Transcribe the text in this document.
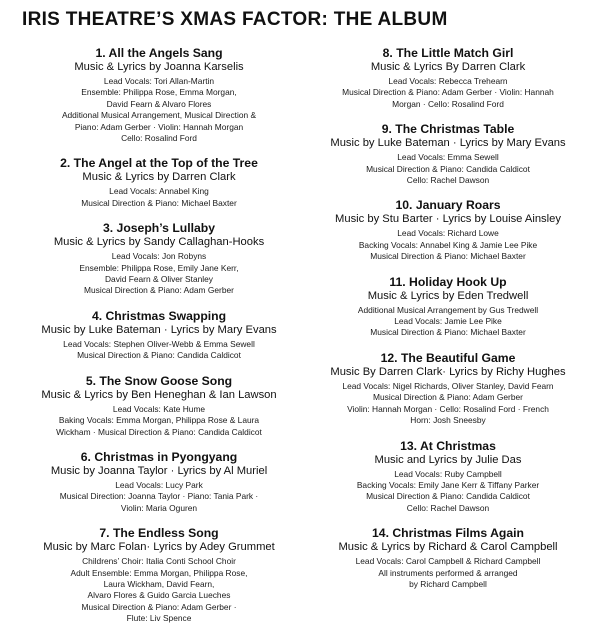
IRIS THEATRE’S XMAS FACTOR: THE ALBUM
1. All the Angels Sang
Music & Lyrics by Joanna Karselis
Lead Vocals: Tori Allan-Martin
Ensemble: Philippa Rose, Emma Morgan,
David Fearn & Alvaro Flores
Additional Musical Arrangement, Musical Direction &
Piano: Adam Gerber · Violin: Hannah Morgan
Cello: Rosalind Ford
2. The Angel at the Top of the Tree
Music & Lyrics by Darren Clark
Lead Vocals: Annabel King
Musical Direction & Piano: Michael Baxter
3. Joseph’s Lullaby
Music & Lyrics by Sandy Callaghan-Hooks
Lead Vocals: Jon Robyns
Ensemble: Philippa Rose, Emily Jane Kerr,
David Fearn & Oliver Stanley
Musical Direction & Piano: Adam Gerber
4. Christmas Swapping
Music by Luke Bateman · Lyrics by Mary Evans
Lead Vocals: Stephen Oliver-Webb & Emma Sewell
Musical Direction & Piano: Candida Caldicot
5. The Snow Goose Song
Music & Lyrics by Ben Heneghan & Ian Lawson
Lead Vocals: Kate Hume
Baking Vocals: Emma Morgan, Philippa Rose & Laura
Wickham · Musical Direction & Piano: Candida Caldicot
6. Christmas in Pyongyang
Music by Joanna Taylor · Lyrics by Al Muriel
Lead Vocals: Lucy Park
Musical Direction: Joanna Taylor · Piano: Tania Park ·
Violin: Maria Oguren
7. The Endless Song
Music by Marc Folan· Lyrics by Adey Grummet
Childrens’ Choir: Italia Conti School Choir
Adult Ensemble: Emma Morgan, Philippa Rose,
Laura Wickham, David Fearn,
Alvaro Flores & Guido Garcia Lueches
Musical Direction & Piano: Adam Gerber ·
Flute: Liv Spence
8. The Little Match Girl
Music & Lyrics By Darren Clark
Lead Vocals: Rebecca Trehearn
Musical Direction & Piano: Adam Gerber · Violin: Hannah
Morgan · Cello: Rosalind Ford
9. The Christmas Table
Music by Luke Bateman · Lyrics by Mary Evans
Lead Vocals: Emma Sewell
Musical Direction & Piano: Candida Caldicot
Cello: Rachel Dawson
10. January Roars
Music by Stu Barter · Lyrics by Louise Ainsley
Lead Vocals: Richard Lowe
Backing Vocals: Annabel King & Jamie Lee Pike
Musical Direction & Piano: Michael Baxter
11. Holiday Hook Up
Music & Lyrics by Eden Tredwell
Additional Musical Arrangement by Gus Tredwell
Lead Vocals: Jamie Lee Pike
Musical Direction & Piano: Michael Baxter
12. The Beautiful Game
Music By Darren Clark· Lyrics by Richy Hughes
Lead Vocals: Nigel Richards, Oliver Stanley, David Fearn
Musical Direction & Piano: Adam Gerber
Violin: Hannah Morgan · Cello: Rosalind Ford · French
Horn: Josh Sneesby
13. At Christmas
Music and Lyrics by Julie Das
Lead Vocals: Ruby Campbell
Backing Vocals: Emily Jane Kerr & Tiffany Parker
Musical Direction & Piano: Candida Caldicot
Cello: Rachel Dawson
14. Christmas Films Again
Music & Lyrics by Richard & Carol Campbell
Lead Vocals: Carol Campbell & Richard Campbell
All instruments performed & arranged
by Richard Campbell
